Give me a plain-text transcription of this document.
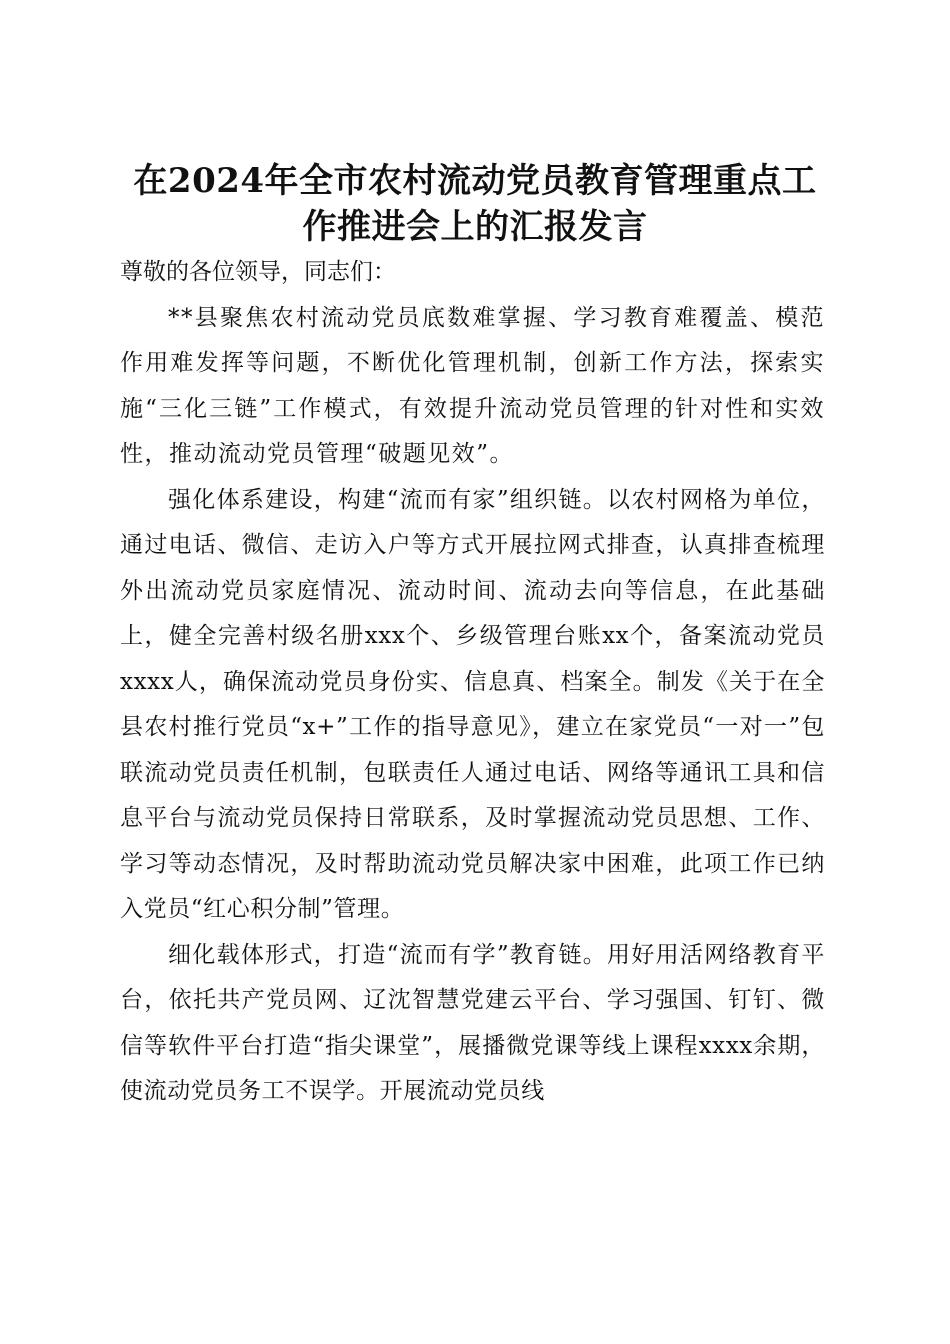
在2024年全市农村流动党员教育管理重点工
作推进会上的汇报发言

尊敬的各位领导，同志们：

**县聚焦农村流动党员底数难掌握、学习教育难覆盖、模范作用难发挥等问题，不断优化管理机制，创新工作方法，探索实施“三化三链”工作模式，有效提升流动党员管理的针对性和实效性，推动流动党员管理“破题见效”。

强化体系建设，构建“流而有家”组织链。以农村网格为单位，通过电话、微信、走访入户等方式开展拉网式排查，认真排查梳理外出流动党员家庭情况、流动时间、流动去向等信息，在此基础上，健全完善村级名册xxx个、乡级管理台账xx个，备案流动党员xxxx人，确保流动党员身份实、信息真、档案全。制发《关于在全县农村推行党员“x+”工作的指导意见》，建立在家党员“一对一”包联流动党员责任机制，包联责任人通过电话、网络等通讯工具和信息平台与流动党员保持日常联系，及时掌握流动党员思想、工作、学习等动态情况，及时帮助流动党员解决家中困难，此项工作已纳入党员“红心积分制”管理。

细化载体形式，打造“流而有学”教育链。用好用活网络教育平台，依托共产党员网、辽沈智慧党建云平台、学习强国、钉钉、微信等软件平台打造“指尖课堂”，展播微党课等线上课程xxxx余期，使流动党员务工不误学。开展流动党员线
